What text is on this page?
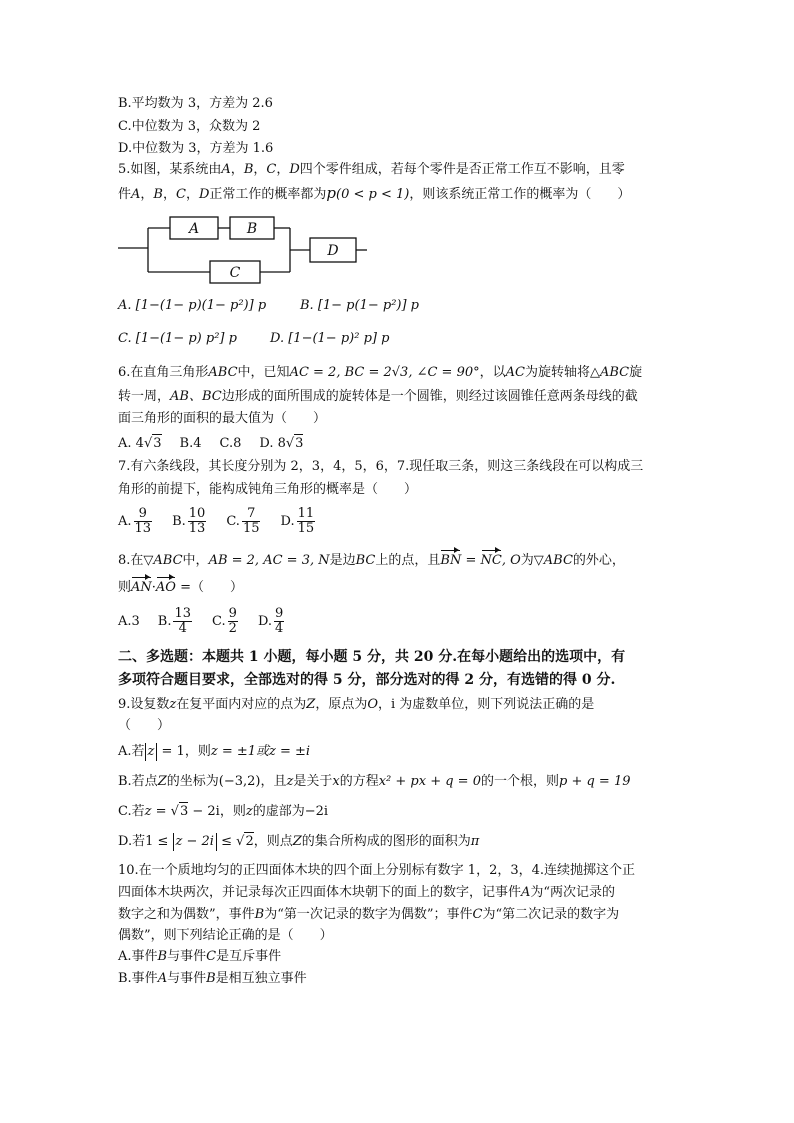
B.平均数为 3，方差为 2.6
C.中位数为 3，众数为 2
D.中位数为 3，方差为 1.6
5.如图，某系统由A，B，C，D四个零件组成，若每个零件是否正常工作互不影响，且零
件A，B，C，D正常工作的概率都为p(0 < p < 1)，则该系统正常工作的概率为（　　）
A	B
C
D
A. [1−(1− p)(1− p²)] p	B. [1− p(1− p²)] p
C. [1−(1− p) p²] p	D. [1−(1− p)² p] p
6.在直角三角形ABC中，已知AC = 2, BC = 2√3, ∠C = 90°，以AC为旋转轴将△ABC旋
转一周，AB、BC边形成的面所围成的旋转体是一个圆锥，则经过该圆锥任意两条母线的截
面三角形的面积的最大值为（　　）
A. 4√3 B.4 C.8 D. 8√3
7.有六条线段，其长度分别为 2，3，4，5，6，7.现任取三条，则这三条线段在可以构成三
角形的前提下，能构成钝角三角形的概率是（　　）
A. $\frac{9}{13} B$. $\frac{10}{13} C$. $\frac{7}{15} D$. $\frac{11}{15}$
8.在▽ABC中，AB = 2, AC = 3, N是边BC上的点，且BN = NC, O为▽ABC的外心，
则AN·AO =（　　）
A.3 B. $\frac{13}{4} C$. $\frac{9}{2} D$. $\frac{9}{4}$
二、多选题：本题共 1 小题，每小题 5 分，共 20 分.在每小题给出的选项中，有
多项符合题目要求，全部选对的得 5 分，部分选对的得 2 分，有选错的得 0 分.
9.设复数z在复平面内对应的点为Z，原点为O，i 为虚数单位，则下列说法正确的是
（　　）
A.若 z = 1，则z = ±1或z = ±i
B.若点Z的坐标为(−3,2)，且z是关于x的方程x² + px + q = 0的一个根，则p + q = 19
C.若z = √3 − 2i，则z的虚部为−2i
D.若1 ≤ z − 2i ≤ √2，则点Z的集合所构成的图形的面积为π
10.在一个质地均匀的正四面体木块的四个面上分别标有数字 1，2，3，4.连续抛掷这个正
四面体木块两次，并记录每次正四面体木块朝下的面上的数字，记事件A为“两次记录的
数字之和为偶数”，事件B为“第一次记录的数字为偶数”；事件C为“第二次记录的数字为
偶数”，则下列结论正确的是（　　）
A.事件B与事件C是互斥事件
B.事件A与事件B是相互独立事件
